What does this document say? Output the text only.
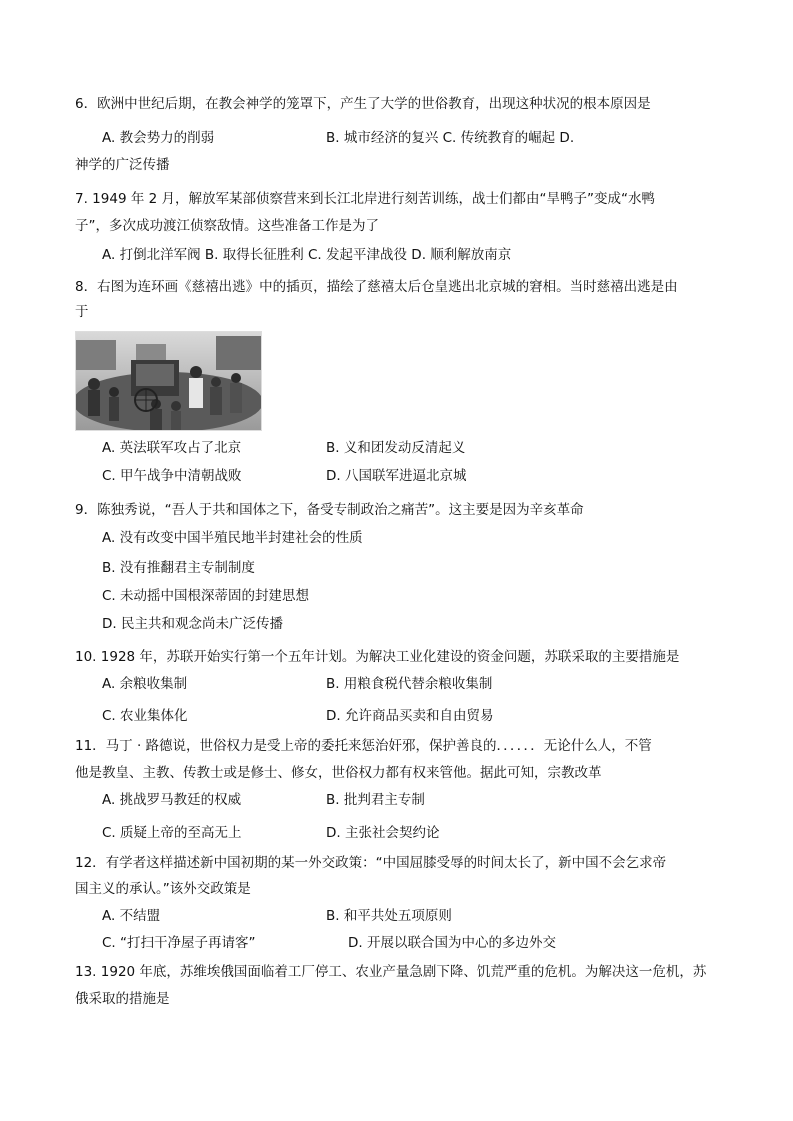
6．欧洲中世纪后期，在教会神学的笼罩下，产生了大学的世俗教育，出现这种状况的根本原因是
A. 教会势力的削弱	B. 城市经济的复兴 C. 传统教育的崛起 D.
神学的广泛传播
7. 1949 年 2 月，解放军某部侦察营来到长江北岸进行刻苦训练，战士们都由“旱鸭子”变成“水鸭
子”，多次成功渡江侦察敌情。这些准备工作是为了
A. 打倒北洋军阀 B. 取得长征胜利 C. 发起平津战役 D. 顺利解放南京
8．右图为连环画《慈禧出逃》中的插页，描绘了慈禧太后仓皇逃出北京城的窘相。当时慈禧出逃是由
于
A. 英法联军攻占了北京	B. 义和团发动反清起义
C. 甲午战争中清朝战败	D. 八国联军进逼北京城
9．陈独秀说，“吾人于共和国体之下，备受专制政治之痛苦”。这主要是因为辛亥革命
A. 没有改变中国半殖民地半封建社会的性质
B. 没有推翻君主专制制度
C. 未动摇中国根深蒂固的封建思想
D. 民主共和观念尚未广泛传播
10. 1928 年，苏联开始实行第一个五年计划。为解决工业化建设的资金问题，苏联采取的主要措施是
A. 余粮收集制	B. 用粮食税代替余粮收集制
C. 农业集体化	D. 允许商品买卖和自由贸易
11．马丁 · 路德说，世俗权力是受上帝的委托来惩治奸邪，保护善良的．．．．．．无论什么人，不管
他是教皇、主教、传教士或是修士、修女，世俗权力都有权来管他。据此可知，宗教改革
A. 挑战罗马教廷的权威	B. 批判君主专制
C. 质疑上帝的至高无上	D. 主张社会契约论
12．有学者这样描述新中国初期的某一外交政策：“中国屈膝受辱的时间太长了，新中国不会乞求帝
国主义的承认。”该外交政策是
A. 不结盟	B. 和平共处五项原则
C. “打扫干净屋子再请客”	D. 开展以联合国为中心的多边外交
13. 1920 年底，苏维埃俄国面临着工厂停工、农业产量急剧下降、饥荒严重的危机。为解决这一危机，苏
俄采取的措施是
